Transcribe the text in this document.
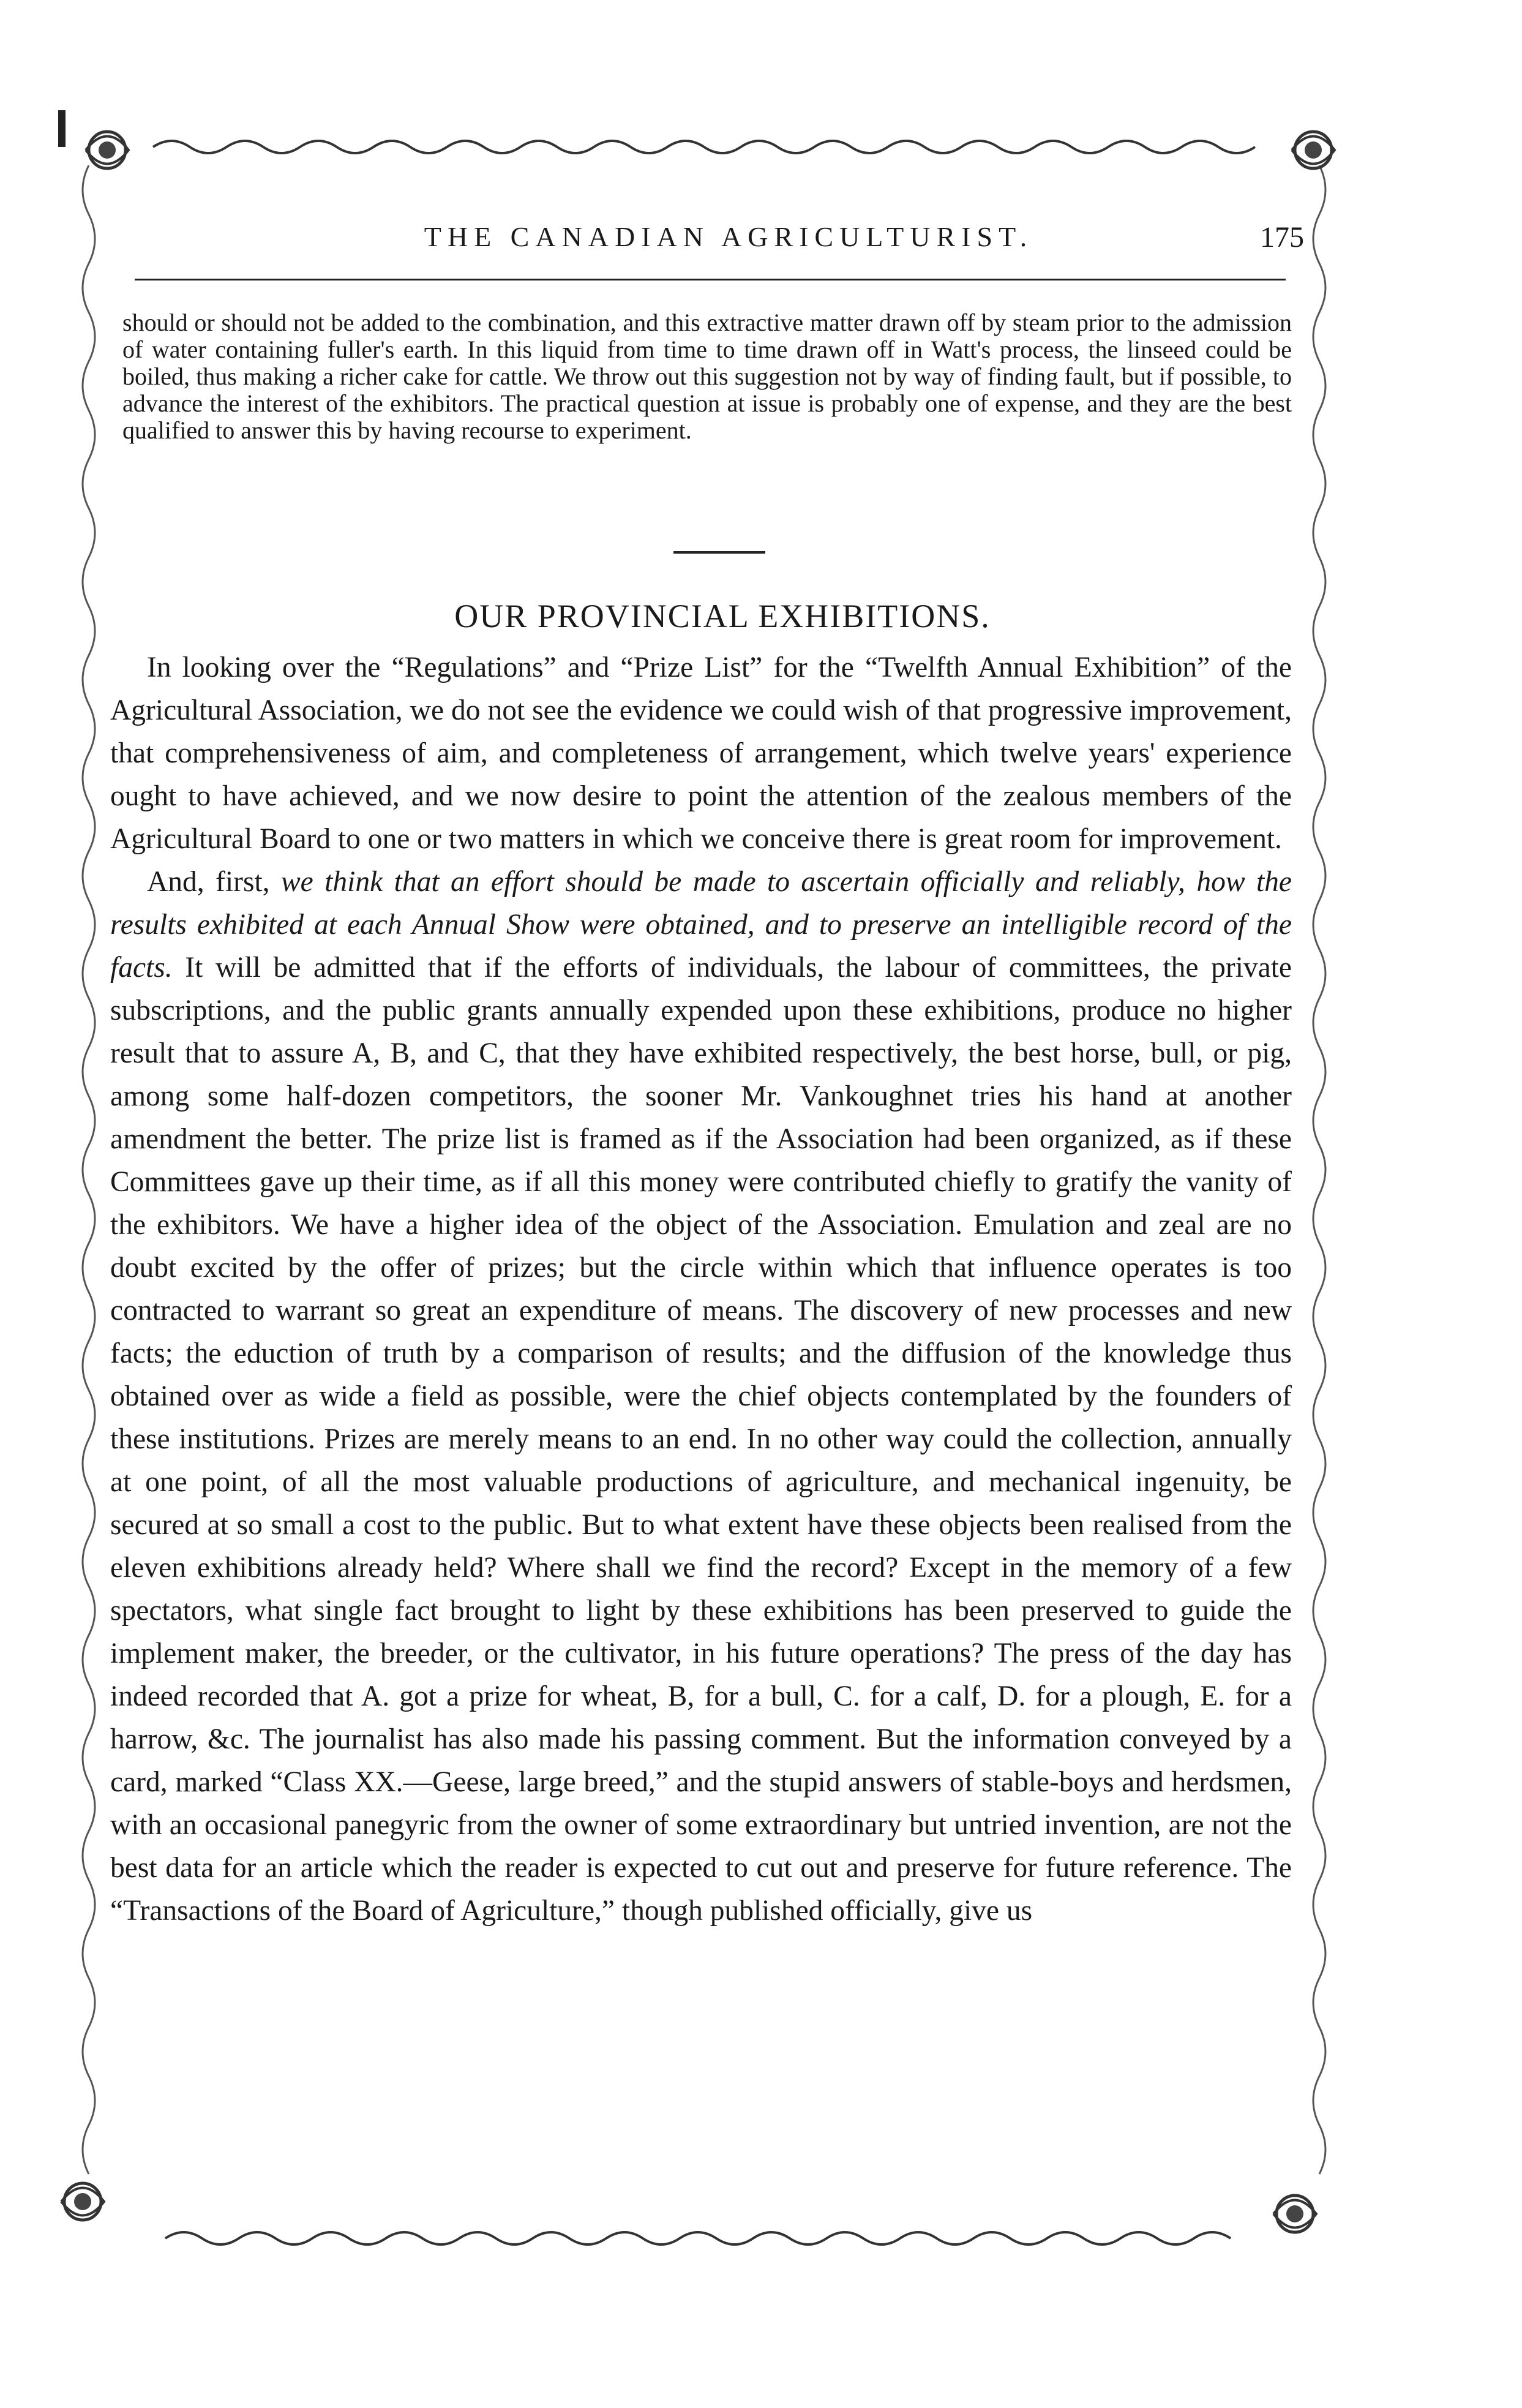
THE CANADIAN AGRICULTURIST.	175
should or should not be added to the combination, and this extractive matter drawn off by steam prior to the admission of water containing fuller's earth. In this liquid from time to time drawn off in Watt's process, the linseed could be boiled, thus making a richer cake for cattle. We throw out this suggestion not by way of finding fault, but if possible, to advance the interest of the exhibitors. The practical question at issue is probably one of expense, and they are the best qualified to answer this by having recourse to experiment.
OUR PROVINCIAL EXHIBITIONS.

In looking over the “Regulations” and “Prize List” for the “Twelfth Annual Exhibition” of the Agricultural Association, we do not see the evidence we could wish of that progressive improvement, that comprehensiveness of aim, and completeness of arrangement, which twelve years' experience ought to have achieved, and we now desire to point the attention of the zealous members of the Agricultural Board to one or two matters in which we conceive there is great room for improvement.

And, first, we think that an effort should be made to ascertain officially and reliably, how the results exhibited at each Annual Show were obtained, and to preserve an intelligible record of the facts. It will be admitted that if the efforts of individuals, the labour of committees, the private subscriptions, and the public grants annually expended upon these exhibitions, produce no higher result that to assure A, B, and C, that they have exhibited respectively, the best horse, bull, or pig, among some half-dozen competitors, the sooner Mr. Vankoughnet tries his hand at another amendment the better. The prize list is framed as if the Association had been organized, as if these Committees gave up their time, as if all this money were contributed chiefly to gratify the vanity of the exhibitors. We have a higher idea of the object of the Association. Emulation and zeal are no doubt excited by the offer of prizes; but the circle within which that influence operates is too contracted to warrant so great an expenditure of means. The discovery of new processes and new facts; the eduction of truth by a comparison of results; and the diffusion of the knowledge thus obtained over as wide a field as possible, were the chief objects contemplated by the founders of these institutions. Prizes are merely means to an end. In no other way could the collection, annually at one point, of all the most valuable productions of agriculture, and mechanical ingenuity, be secured at so small a cost to the public. But to what extent have these objects been realised from the eleven exhibitions already held? Where shall we find the record? Except in the memory of a few spectators, what single fact brought to light by these exhibitions has been preserved to guide the implement maker, the breeder, or the cultivator, in his future operations? The press of the day has indeed recorded that A. got a prize for wheat, B, for a bull, C. for a calf, D. for a plough, E. for a harrow, &c. The journalist has also made his passing comment. But the information conveyed by a card, marked “Class XX.—Geese, large breed,” and the stupid answers of stable-boys and herdsmen, with an occasional panegyric from the owner of some extraordinary but untried invention, are not the best data for an article which the reader is expected to cut out and preserve for future reference. The “Transactions of the Board of Agriculture,” though published officially, give us
